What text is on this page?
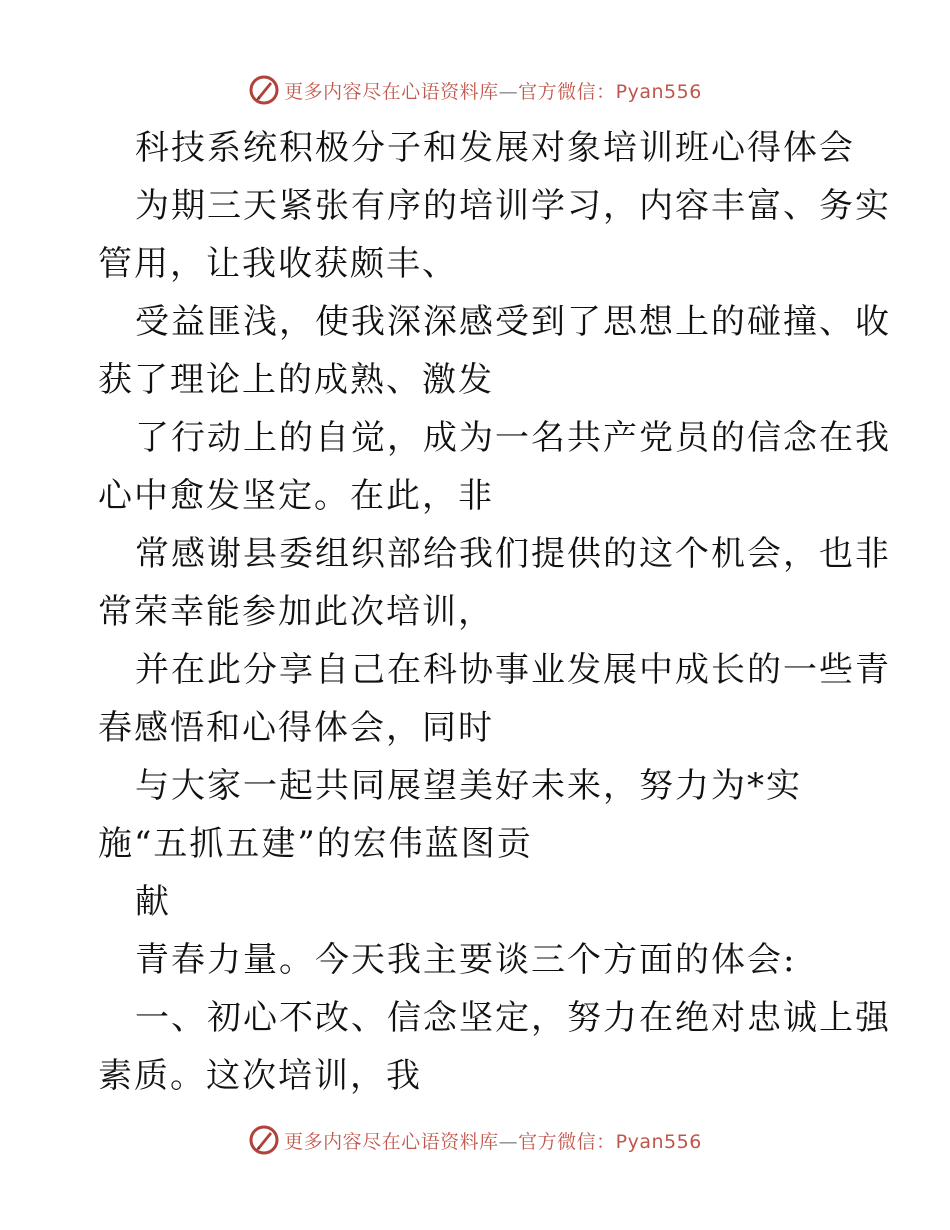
更多内容尽在心语资料库—官方微信：Pyan556
科技系统积极分子和发展对象培训班心得体会
为期三天紧张有序的培训学习，内容丰富、务实
管用，让我收获颇丰、
受益匪浅，使我深深感受到了思想上的碰撞、收
获了理论上的成熟、激发
了行动上的自觉，成为一名共产党员的信念在我
心中愈发坚定。在此，非
常感谢县委组织部给我们提供的这个机会，也非
常荣幸能参加此次培训，
并在此分享自己在科协事业发展中成长的一些青
春感悟和心得体会，同时
与大家一起共同展望美好未来，努力为*实
施“五抓五建”的宏伟蓝图贡
献
青春力量。今天我主要谈三个方面的体会:
一、初心不改、信念坚定，努力在绝对忠诚上强
素质。这次培训，我
更多内容尽在心语资料库—官方微信：Pyan556
